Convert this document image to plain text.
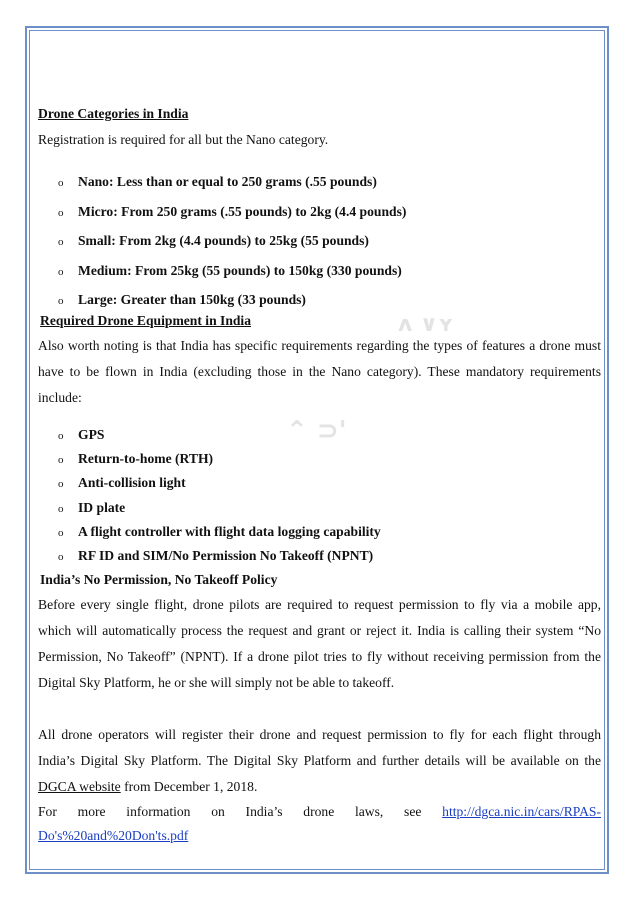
ʌ ∨ʏ
⌃ ⊃'

Drone Categories in India

Registration is required for all but the Nano category.

o	Nano: Less than or equal to 250 grams (.55 pounds)
o	Micro: From 250 grams (.55 pounds) to 2kg (4.4 pounds)
o	Small: From 2kg (4.4 pounds) to 25kg (55 pounds)
o	Medium: From 25kg (55 pounds) to 150kg (330 pounds)
o	Large: Greater than 150kg (33 pounds)

Required Drone Equipment in India

Also worth noting is that India has specific requirements regarding the types of features a drone must have to be flown in India (excluding those in the Nano category). These mandatory requirements include:

o	GPS
o	Return-to-home (RTH)
o	Anti-collision light
o	ID plate
o	A flight controller with flight data logging capability
o	RF ID and SIM/No Permission No Takeoff (NPNT)

India’s No Permission, No Takeoff Policy

Before every single flight, drone pilots are required to request permission to fly via a mobile app, which will automatically process the request and grant or reject it. India is calling their system “No Permission, No Takeoff” (NPNT). If a drone pilot tries to fly without receiving permission from the Digital Sky Platform, he or she will simply not be able to takeoff.

All drone operators will register their drone and request permission to fly for each flight through India’s Digital Sky Platform. The Digital Sky Platform and further details will be available on the DGCA website from December 1, 2018.

For more information on India’s drone laws, see http://dgca.nic.in/cars/RPAS-Do's%20and%20Don'ts.pdf
